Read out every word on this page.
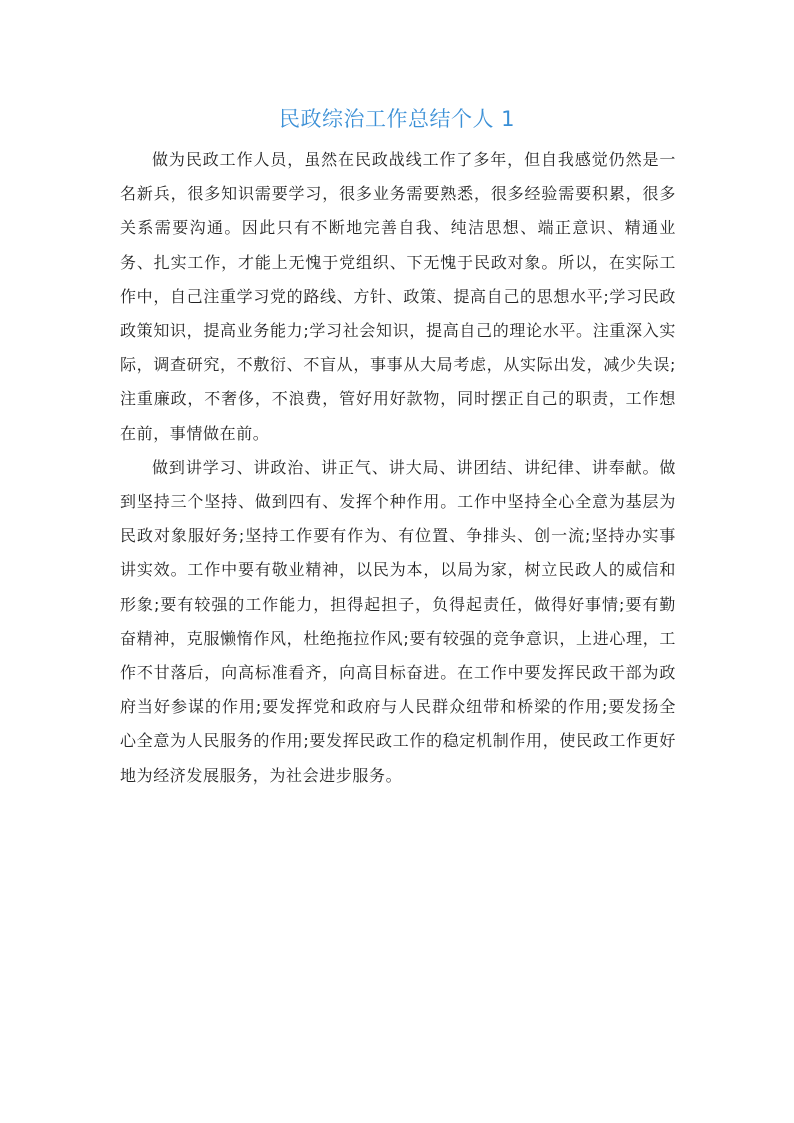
民政综治工作总结个人 1

做为民政工作人员，虽然在民政战线工作了多年，但自我感觉仍然是一名新兵，很多知识需要学习，很多业务需要熟悉，很多经验需要积累，很多关系需要沟通。因此只有不断地完善自我、纯洁思想、端正意识、精通业务、扎实工作，才能上无愧于党组织、下无愧于民政对象。所以，在实际工作中，自己注重学习党的路线、方针、政策、提高自己的思想水平;学习民政政策知识，提高业务能力;学习社会知识，提高自己的理论水平。注重深入实际，调查研究，不敷衍、不盲从，事事从大局考虑，从实际出发，减少失误;注重廉政，不奢侈，不浪费，管好用好款物，同时摆正自己的职责，工作想在前，事情做在前。

做到讲学习、讲政治、讲正气、讲大局、讲团结、讲纪律、讲奉献。做到坚持三个坚持、做到四有、发挥个种作用。工作中坚持全心全意为基层为民政对象服好务;坚持工作要有作为、有位置、争排头、创一流;坚持办实事讲实效。工作中要有敬业精神，以民为本，以局为家，树立民政人的威信和形象;要有较强的工作能力，担得起担子，负得起责任，做得好事情;要有勤奋精神，克服懒惰作风，杜绝拖拉作风;要有较强的竞争意识，上进心理，工作不甘落后，向高标准看齐，向高目标奋进。在工作中要发挥民政干部为政府当好参谋的作用;要发挥党和政府与人民群众纽带和桥梁的作用;要发扬全心全意为人民服务的作用;要发挥民政工作的稳定机制作用，使民政工作更好地为经济发展服务，为社会进步服务。
